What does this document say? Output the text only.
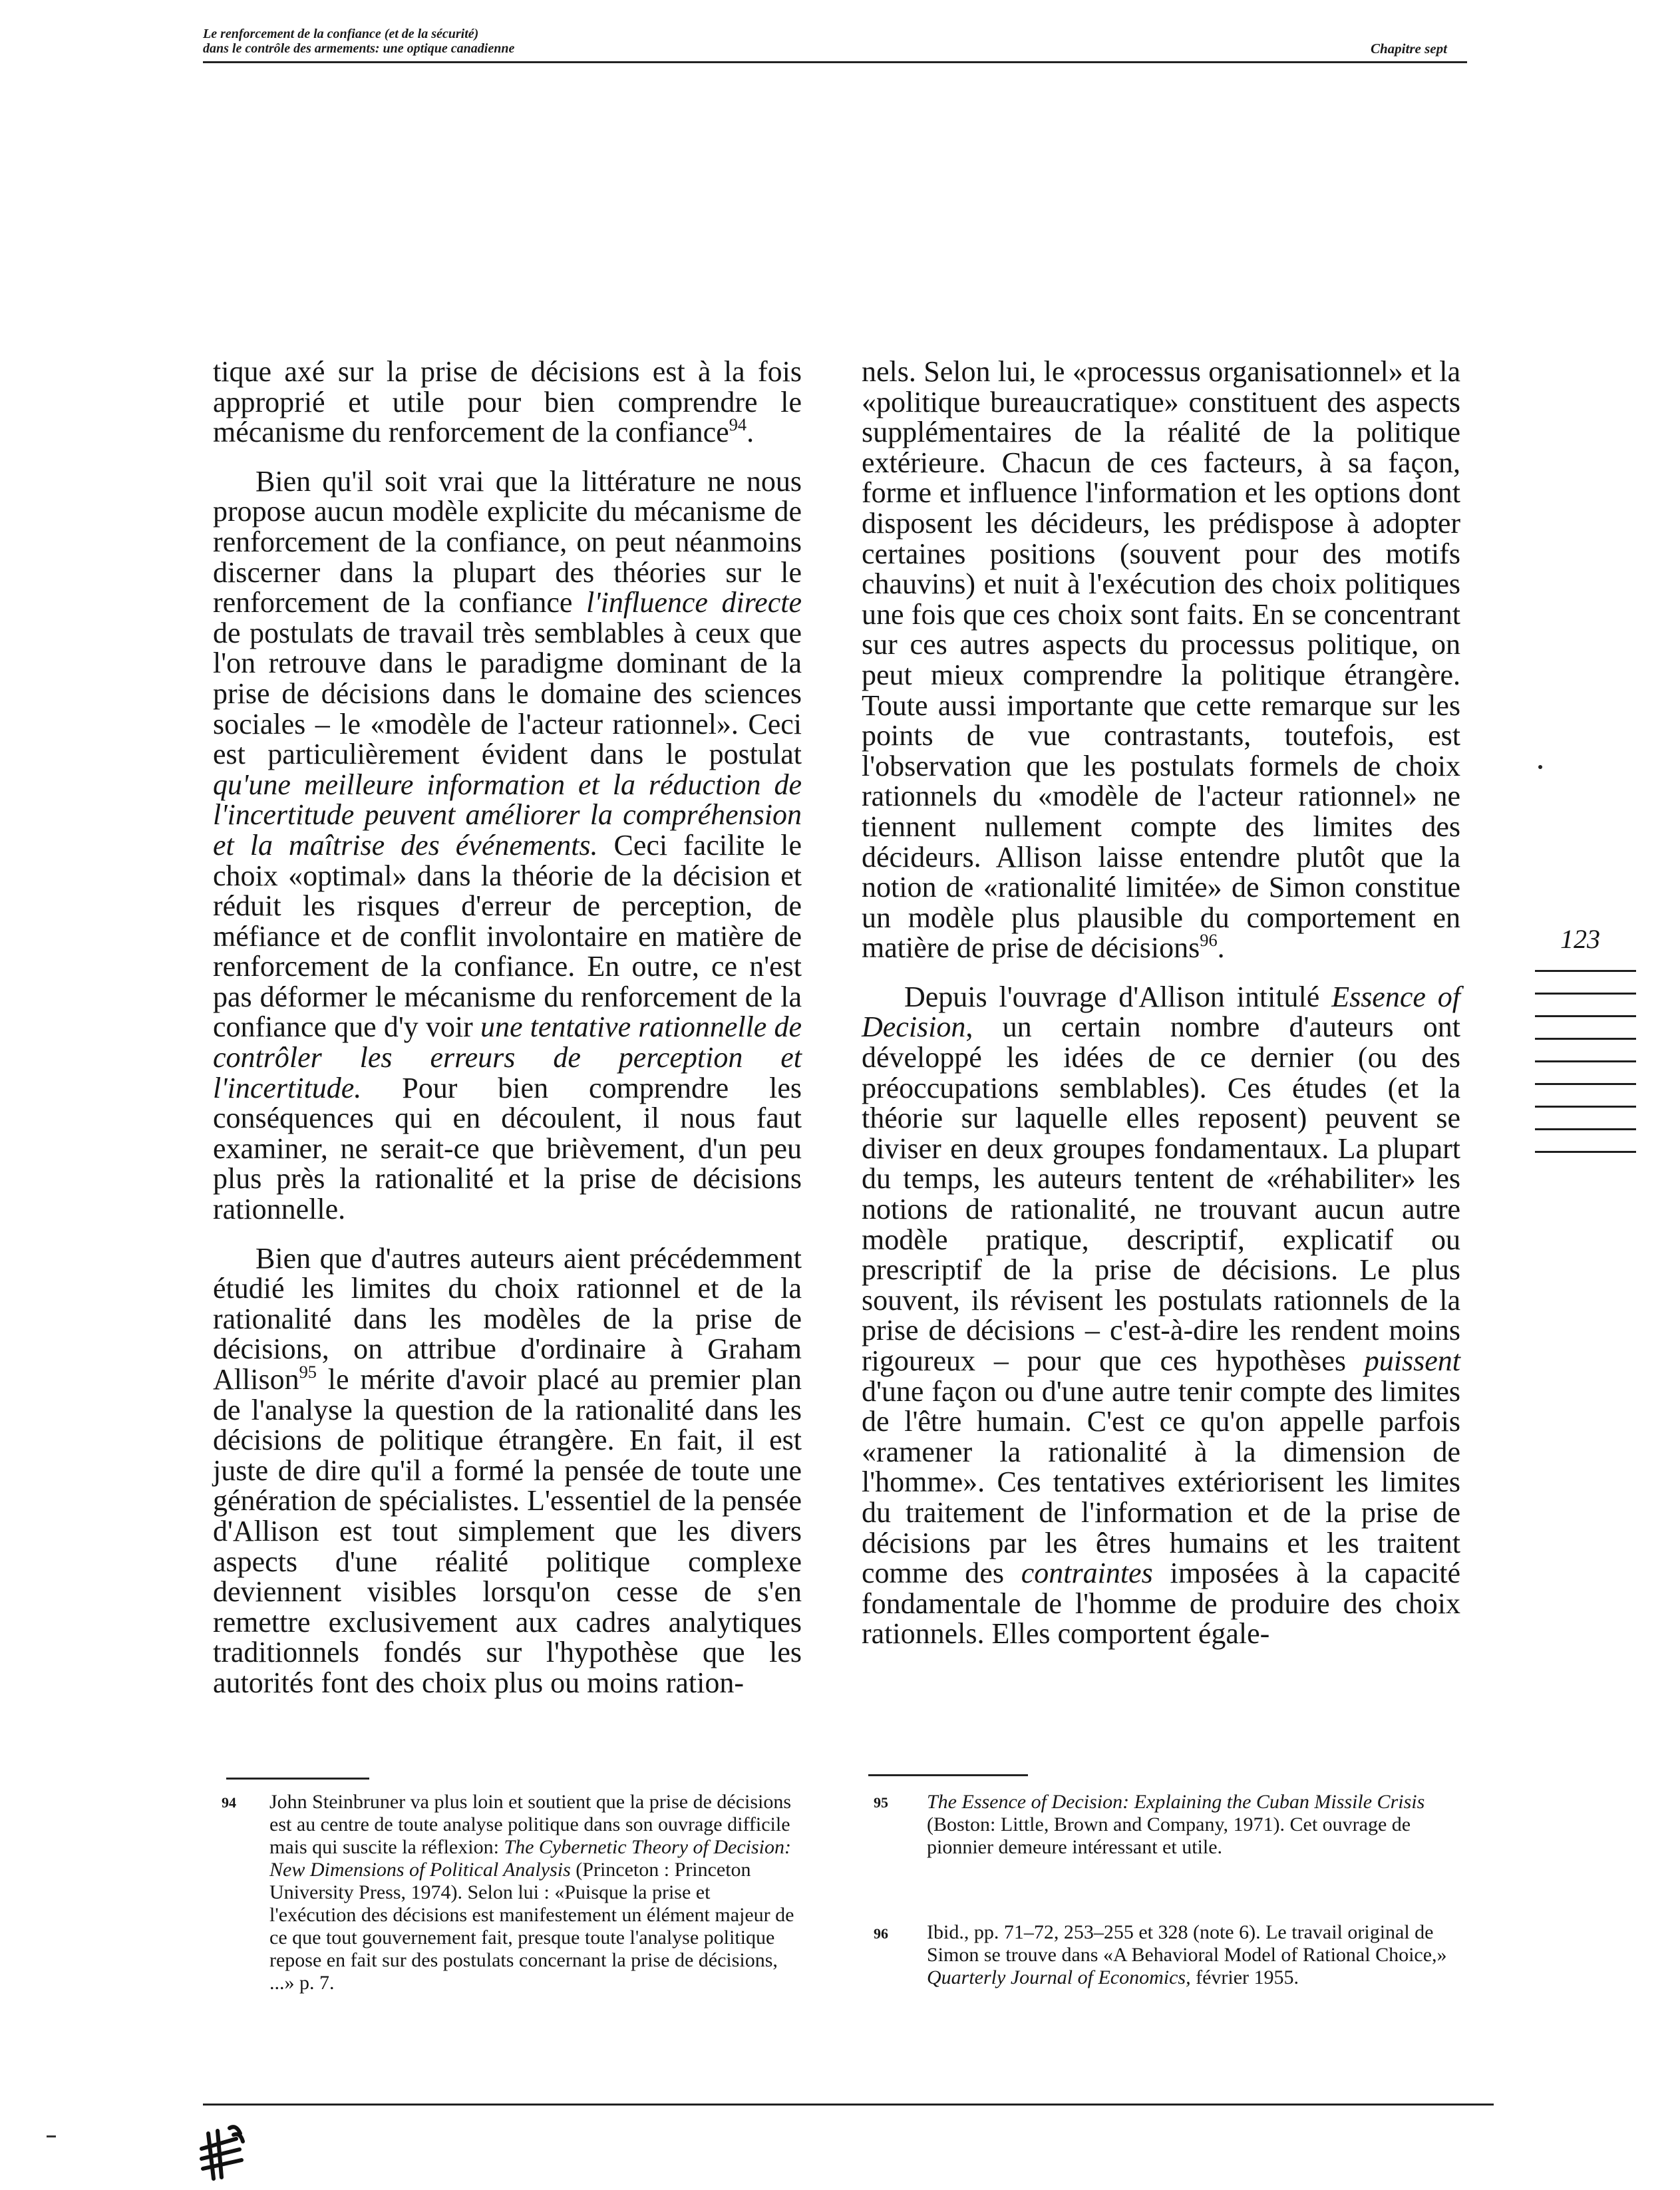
Le renforcement de la confiance (et de la sécurité)
dans le contrôle des armements: une optique canadienne	Chapitre sept

tique axé sur la prise de décisions est à la fois approprié et utile pour bien comprendre le mécanisme du renforcement de la confiance$^{94}$.

Bien qu'il soit vrai que la littérature ne nous propose aucun modèle explicite du mécanisme de renforcement de la confiance, on peut néanmoins discerner dans la plupart des théories sur le renforcement de la confiance l'influence directe de postulats de travail très semblables à ceux que l'on retrouve dans le paradigme dominant de la prise de décisions dans le domaine des sciences sociales – le «modèle de l'acteur rationnel». Ceci est particulièrement évident dans le postulat qu'une meilleure information et la réduction de l'incertitude peuvent améliorer la compréhension et la maîtrise des événements. Ceci facilite le choix «optimal» dans la théorie de la décision et réduit les risques d'erreur de perception, de méfiance et de conflit involontaire en matière de renforcement de la confiance. En outre, ce n'est pas déformer le mécanisme du renforcement de la confiance que d'y voir une tentative rationnelle de contrôler les erreurs de perception et l'incertitude. Pour bien comprendre les conséquences qui en découlent, il nous faut examiner, ne serait-ce que brièvement, d'un peu plus près la rationalité et la prise de décisions rationnelle.

Bien que d'autres auteurs aient précédemment étudié les limites du choix rationnel et de la rationalité dans les modèles de la prise de décisions, on attribue d'ordinaire à Graham Allison$^{95}$ le mérite d'avoir placé au premier plan de l'analyse la question de la rationalité dans les décisions de politique étrangère. En fait, il est juste de dire qu'il a formé la pensée de toute une génération de spécialistes. L'essentiel de la pensée d'Allison est tout simplement que les divers aspects d'une réalité politique complexe deviennent visibles lorsqu'on cesse de s'en remettre exclusivement aux cadres analytiques traditionnels fondés sur l'hypothèse que les autorités font des choix plus ou moins ration-

nels. Selon lui, le «processus organisationnel» et la «politique bureaucratique» constituent des aspects supplémentaires de la réalité de la politique extérieure. Chacun de ces facteurs, à sa façon, forme et influence l'information et les options dont disposent les décideurs, les prédispose à adopter certaines positions (souvent pour des motifs chauvins) et nuit à l'exécution des choix politiques une fois que ces choix sont faits. En se concentrant sur ces autres aspects du processus politique, on peut mieux comprendre la politique étrangère. Toute aussi importante que cette remarque sur les points de vue contrastants, toutefois, est l'observation que les postulats formels de choix rationnels du «modèle de l'acteur rationnel» ne tiennent nullement compte des limites des décideurs. Allison laisse entendre plutôt que la notion de «rationalité limitée» de Simon constitue un modèle plus plausible du comportement en matière de prise de décisions$^{96}$.

Depuis l'ouvrage d'Allison intitulé Essence of Decision, un certain nombre d'auteurs ont développé les idées de ce dernier (ou des préoccupations semblables). Ces études (et la théorie sur laquelle elles reposent) peuvent se diviser en deux groupes fondamentaux. La plupart du temps, les auteurs tentent de «réhabiliter» les notions de rationalité, ne trouvant aucun autre modèle pratique, descriptif, explicatif ou prescriptif de la prise de décisions. Le plus souvent, ils révisent les postulats rationnels de la prise de décisions – c'est-à-dire les rendent moins rigoureux – pour que ces hypothèses puissent d'une façon ou d'une autre tenir compte des limites de l'être humain. C'est ce qu'on appelle parfois «ramener la rationalité à la dimension de l'homme». Ces tentatives extériorisent les limites du traitement de l'information et de la prise de décisions par les êtres humains et les traitent comme des contraintes imposées à la capacité fondamentale de l'homme de produire des choix rationnels. Elles comportent égale-

123
94 John Steinbruner va plus loin et soutient que la prise de décisions est au centre de toute analyse politique dans son ouvrage difficile mais qui suscite la réflexion: The Cybernetic Theory of Decision: New Dimensions of Political Analysis (Princeton : Princeton University Press, 1974). Selon lui : «Puisque la prise et l'exécution des décisions est manifestement un élément majeur de ce que tout gouvernement fait, presque toute l'analyse politique repose en fait sur des postulats concernant la prise de décisions, ...» p. 7.
95 The Essence of Decision: Explaining the Cuban Missile Crisis (Boston: Little, Brown and Company, 1971). Cet ouvrage de pionnier demeure intéressant et utile.
96 Ibid., pp. 71–72, 253–255 et 328 (note 6). Le travail original de Simon se trouve dans «A Behavioral Model of Rational Choice,» Quarterly Journal of Economics, février 1955.
